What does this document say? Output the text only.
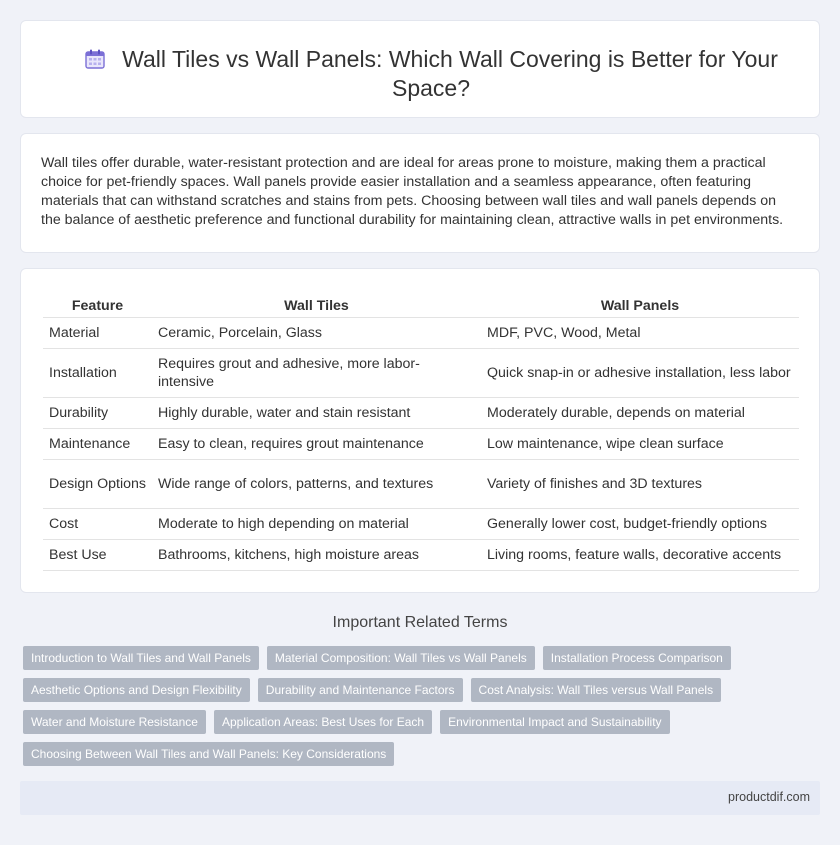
Wall Tiles vs Wall Panels: Which Wall Covering is Better for Your Space?

Wall tiles offer durable, water-resistant protection and are ideal for areas prone to moisture, making them a practical choice for pet-friendly spaces. Wall panels provide easier installation and a seamless appearance, often featuring materials that can withstand scratches and stains from pets. Choosing between wall tiles and wall panels depends on the balance of aesthetic preference and functional durability for maintaining clean, attractive walls in pet environments.

Feature	Wall Tiles	Wall Panels
Material	Ceramic, Porcelain, Glass	MDF, PVC, Wood, Metal
Installation	Requires grout and adhesive, more labor-intensive	Quick snap-in or adhesive installation, less labor
Durability	Highly durable, water and stain resistant	Moderately durable, depends on material
Maintenance	Easy to clean, requires grout maintenance	Low maintenance, wipe clean surface
Design Options	Wide range of colors, patterns, and textures	Variety of finishes and 3D textures
Cost	Moderate to high depending on material	Generally lower cost, budget-friendly options
Best Use	Bathrooms, kitchens, high moisture areas	Living rooms, feature walls, decorative accents
Important Related Terms
Introduction to Wall Tiles and Wall Panels	Material Composition: Wall Tiles vs Wall Panels	Installation Process Comparison
Aesthetic Options and Design Flexibility	Durability and Maintenance Factors	Cost Analysis: Wall Tiles versus Wall Panels
Water and Moisture Resistance	Application Areas: Best Uses for Each	Environmental Impact and Sustainability
Choosing Between Wall Tiles and Wall Panels: Key Considerations
productdif.com
